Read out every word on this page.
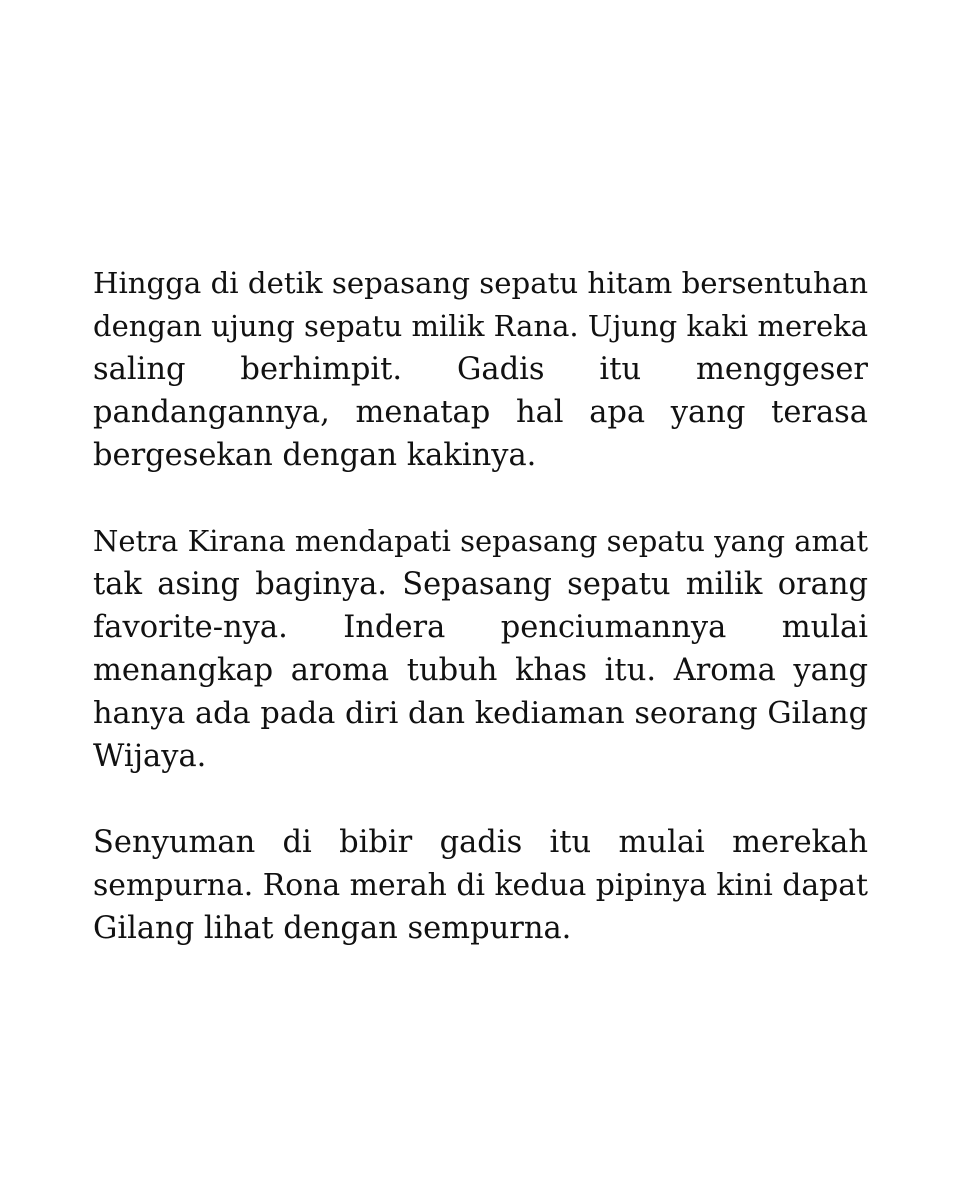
Hingga di detik sepasang sepatu hitam bersentuhan
dengan ujung sepatu milik Rana. Ujung kaki mereka
saling berhimpit. Gadis itu menggeser
pandangannya, menatap hal apa yang terasa
bergesekan dengan kakinya.

Netra Kirana mendapati sepasang sepatu yang amat
tak asing baginya. Sepasang sepatu milik orang
favorite-nya. Indera penciumannya mulai
menangkap aroma tubuh khas itu. Aroma yang
hanya ada pada diri dan kediaman seorang Gilang
Wijaya.

Senyuman di bibir gadis itu mulai merekah
sempurna. Rona merah di kedua pipinya kini dapat
Gilang lihat dengan sempurna.
